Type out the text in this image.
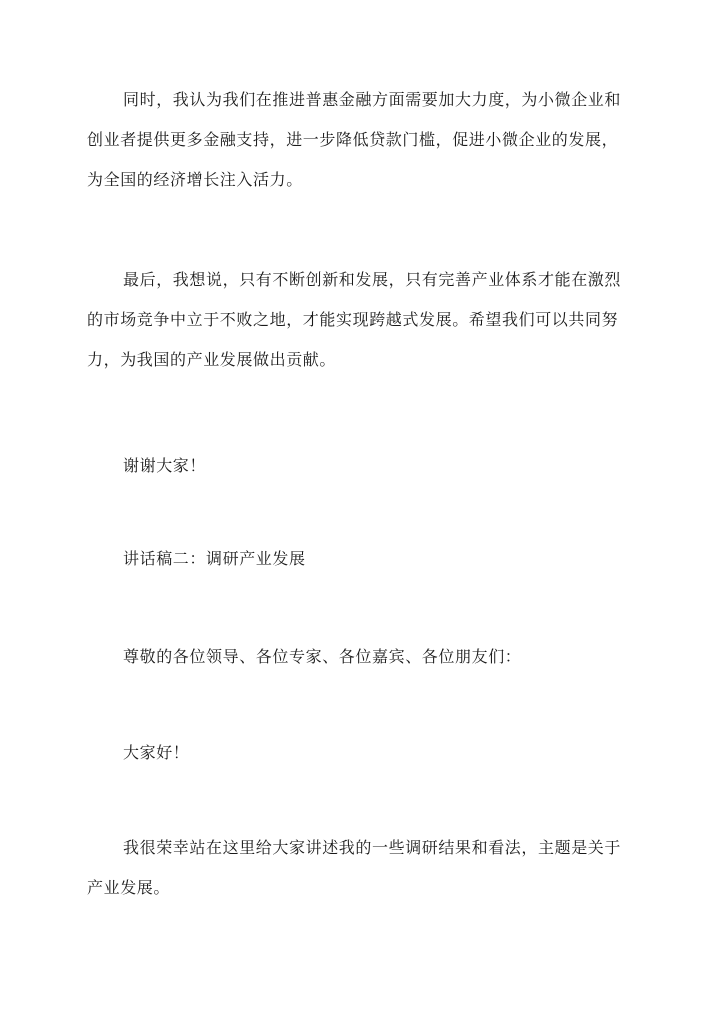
同时，我认为我们在推进普惠金融方面需要加大力度，为小微企业和
创业者提供更多金融支持，进一步降低贷款门槛，促进小微企业的发展，
为全国的经济增长注入活力。

最后，我想说，只有不断创新和发展，只有完善产业体系才能在激烈
的市场竞争中立于不败之地，才能实现跨越式发展。希望我们可以共同努
力，为我国的产业发展做出贡献。

谢谢大家！

讲话稿二：调研产业发展

尊敬的各位领导、各位专家、各位嘉宾、各位朋友们：

大家好！

我很荣幸站在这里给大家讲述我的一些调研结果和看法，主题是关于
产业发展。
